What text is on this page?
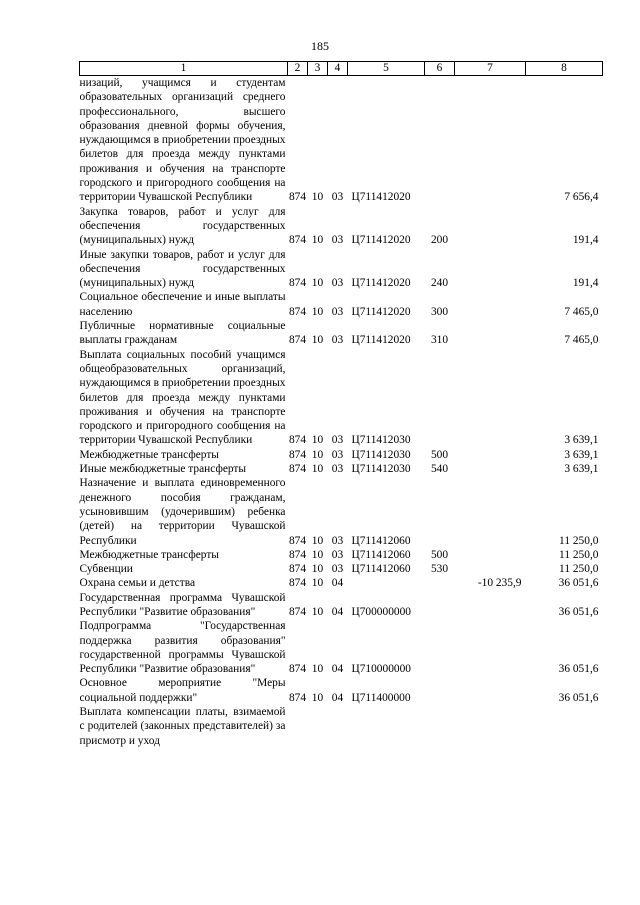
185
1	2	3	4	5	6	7	8
низаций, учащимся и студентам образовательных организаций среднего профессионального, высшего образования дневной формы обучения, нуждающимся в приобретении проездных билетов для проезда между пунктами проживания и обучения на транспорте городского и пригородного сообщения на территории Чувашской Республики	874	10	03	Ц711412020			7 656,4
Закупка товаров, работ и услуг для обеспечения государственных (муниципальных) нужд	874	10	03	Ц711412020	200		191,4
Иные закупки товаров, работ и услуг для обеспечения государственных (муниципальных) нужд	874	10	03	Ц711412020	240		191,4
Социальное обеспечение и иные выплаты населению	874	10	03	Ц711412020	300		7 465,0
Публичные нормативные социальные выплаты гражданам	874	10	03	Ц711412020	310		7 465,0
Выплата социальных пособий учащимся общеобразовательных организаций, нуждающимся в приобретении проездных билетов для проезда между пунктами проживания и обучения на транспорте городского и пригородного сообщения на территории Чувашской Республики	874	10	03	Ц711412030			3 639,1
Межбюджетные трансферты	874	10	03	Ц711412030	500		3 639,1
Иные межбюджетные трансферты	874	10	03	Ц711412030	540		3 639,1
Назначение и выплата единовременного денежного пособия гражданам, усыновившим (удочерившим) ребенка (детей) на территории Чувашской Республики	874	10	03	Ц711412060			11 250,0
Межбюджетные трансферты	874	10	03	Ц711412060	500		11 250,0
Субвенции	874	10	03	Ц711412060	530		11 250,0
Охрана семьи и детства	874	10	04			-10 235,9	36 051,6
Государственная программа Чувашской Республики "Развитие образования"	874	10	04	Ц700000000			36 051,6
Подпрограмма "Государственная поддержка развития образования" государственной программы Чувашской Республики "Развитие образования"	874	10	04	Ц710000000			36 051,6
Основное мероприятие "Меры социальной поддержки"	874	10	04	Ц711400000			36 051,6
Выплата компенсации платы, взимаемой с родителей (законных представителей) за присмотр и уход							
